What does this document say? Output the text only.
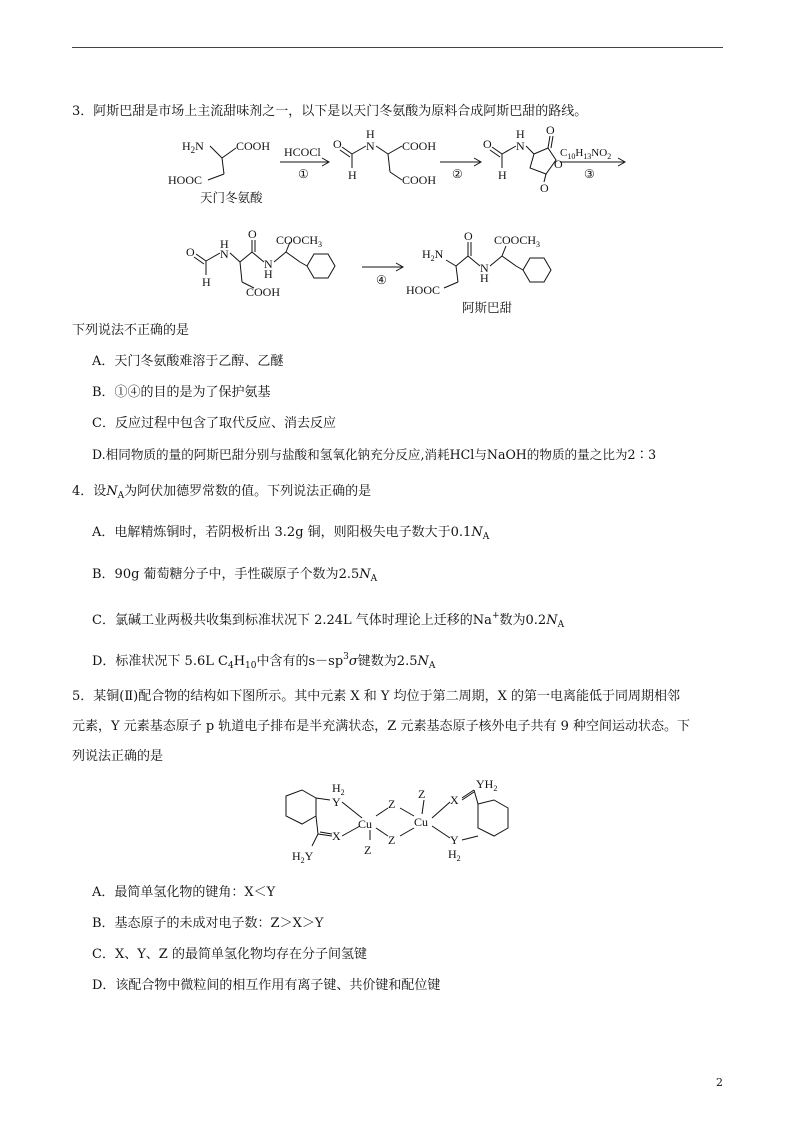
3．阿斯巴甜是市场上主流甜味剂之一，以下是以天门冬氨酸为原料合成阿斯巴甜的路线。
$H_2N$	COOH
HOOC
天门冬氨酸
HCOCl
①
O
H
H
N COOH
COOH ②
O
H
H
N
O
O
O
$C_{10}H_{13}NO_2$
③
O
H
H
N
O
N
H
$COOCH_3$
COOH
④
$H_2N$
O
N
H
$COOCH_3$
HOOC
阿斯巴甜
下列说法不正确的是
A．天门冬氨酸难溶于乙醇、乙醚
B．①④的目的是为了保护氨基
C．反应过程中包含了取代反应、消去反应
D.相同物质的量的阿斯巴甜分别与盐酸和氢氧化钠充分反应,消耗HCl与NaOH的物质的量之比为2∶3
4．设$N_A$为阿伏加德罗常数的值。下列说法正确的是
A．电解精炼铜时，若阴极析出 3.2g 铜，则阳极失电子数大于$0.1N_A$
B．90g 葡萄糖分子中，手性碳原子个数为$2.5N_A$
C．氯碱工业两极共收集到标准状况下 2.24L 气体时理论上迁移的Na+数为$0.2N_A$
D．标准状况下 5.6L $C_4H_{10}$中含有的$s-sp^3\sigma$键数为$2.5N_A$
5．某铜(Ⅱ)配合物的结构如下图所示。其中元素 X 和 Y 均位于第二周期，X 的第一电离能低于同周期相邻
元素，Y 元素基态原子 p 轨道电子排布是半充满状态，Z 元素基态原子核外电子共有 9 种空间运动状态。下
列说法正确的是
$H_2$
Y
X
$H_2Y$
Cu
Z
Z
Z
Cu
Z X
$YH_2$
Y
$H_2$
A．最简单氢化物的键角：X＜Y
B．基态原子的未成对电子数：Z＞X＞Y
C．X、Y、Z 的最简单氢化物均存在分子间氢键
D．该配合物中微粒间的相互作用有离子键、共价键和配位键
2
